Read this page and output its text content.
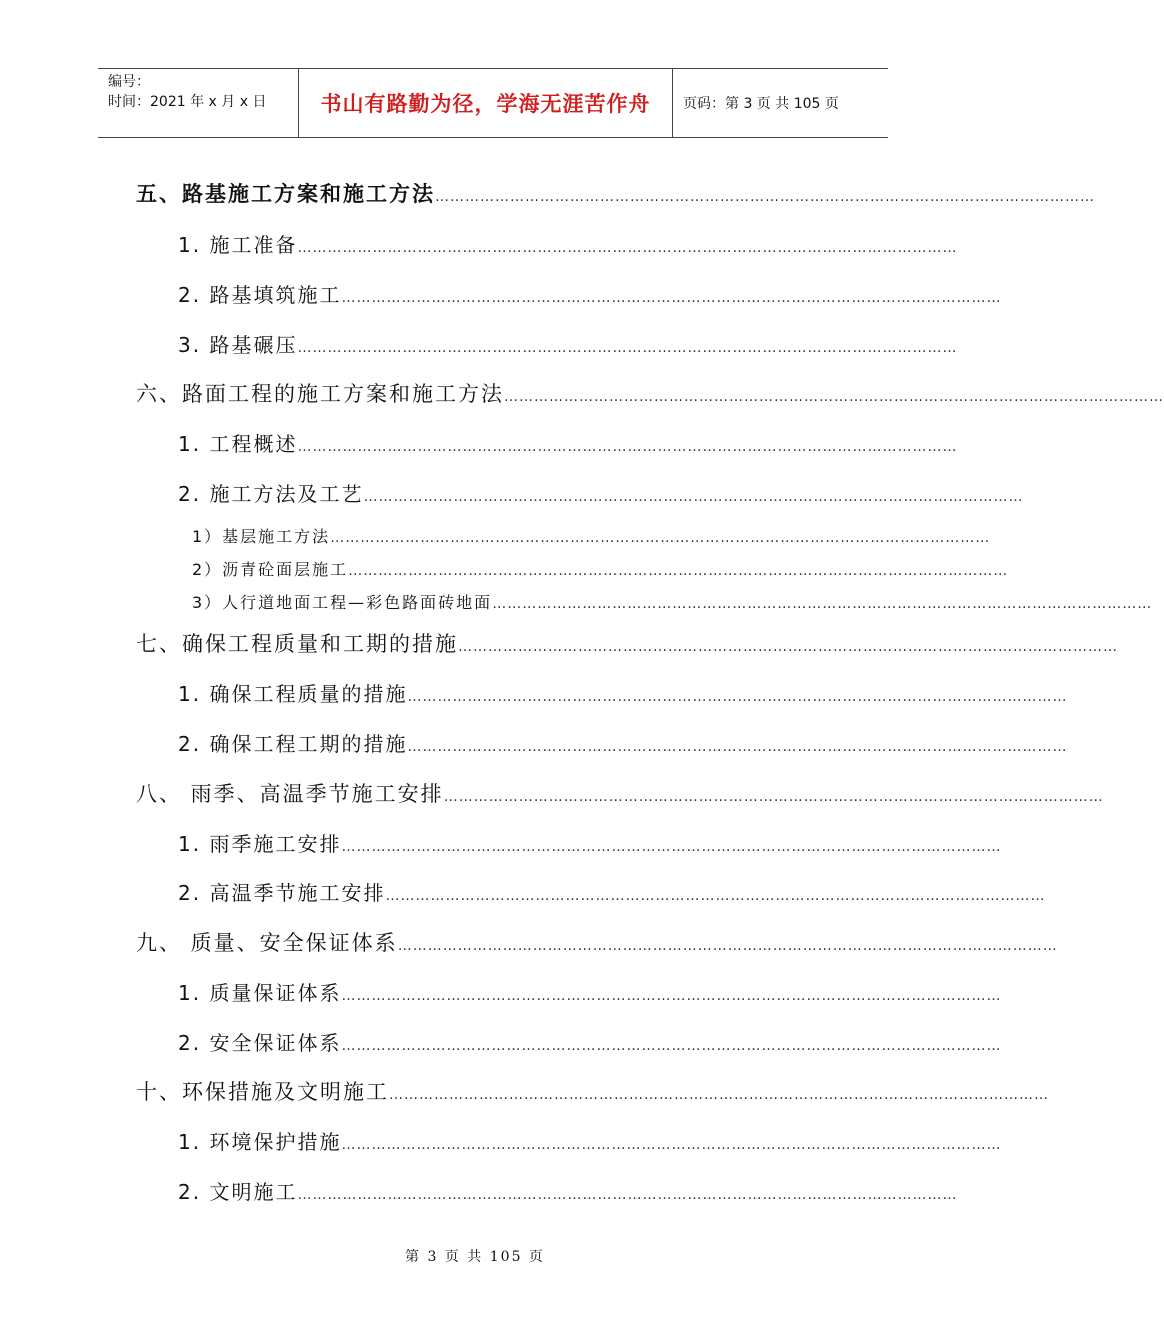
编号：
时间：2021 年 x 月 x 日	书山有路勤为径，学海无涯苦作舟 页码：第 3 页 共 105 页
五、路基施工方案和施工方法 ……………………………………………………………………………………………………………………
1. 施工准备 ……………………………………………………………………………………………………………………
2. 路基填筑施工 ……………………………………………………………………………………………………………………
3. 路基碾压 ……………………………………………………………………………………………………………………
六、路面工程的施工方案和施工方法 ……………………………………………………………………………………………………………………
1. 工程概述 ……………………………………………………………………………………………………………………
2. 施工方法及工艺 ……………………………………………………………………………………………………………………
1）基层施工方法 ……………………………………………………………………………………………………………………
2）沥青砼面层施工 ……………………………………………………………………………………………………………………
3）人行道地面工程—彩色路面砖地面 ……………………………………………………………………………………………………………………
七、确保工程质量和工期的措施 ……………………………………………………………………………………………………………………
1. 确保工程质量的措施 ……………………………………………………………………………………………………………………
2. 确保工程工期的措施 ……………………………………………………………………………………………………………………
八、 雨季、高温季节施工安排 ……………………………………………………………………………………………………………………
1. 雨季施工安排 ……………………………………………………………………………………………………………………
2. 高温季节施工安排 ……………………………………………………………………………………………………………………
九、 质量、安全保证体系 ……………………………………………………………………………………………………………………
1. 质量保证体系 ……………………………………………………………………………………………………………………
2. 安全保证体系 ……………………………………………………………………………………………………………………
十、环保措施及文明施工 ……………………………………………………………………………………………………………………
1. 环境保护措施 ……………………………………………………………………………………………………………………
2. 文明施工 ……………………………………………………………………………………………………………………
第 3 页 共 105 页
